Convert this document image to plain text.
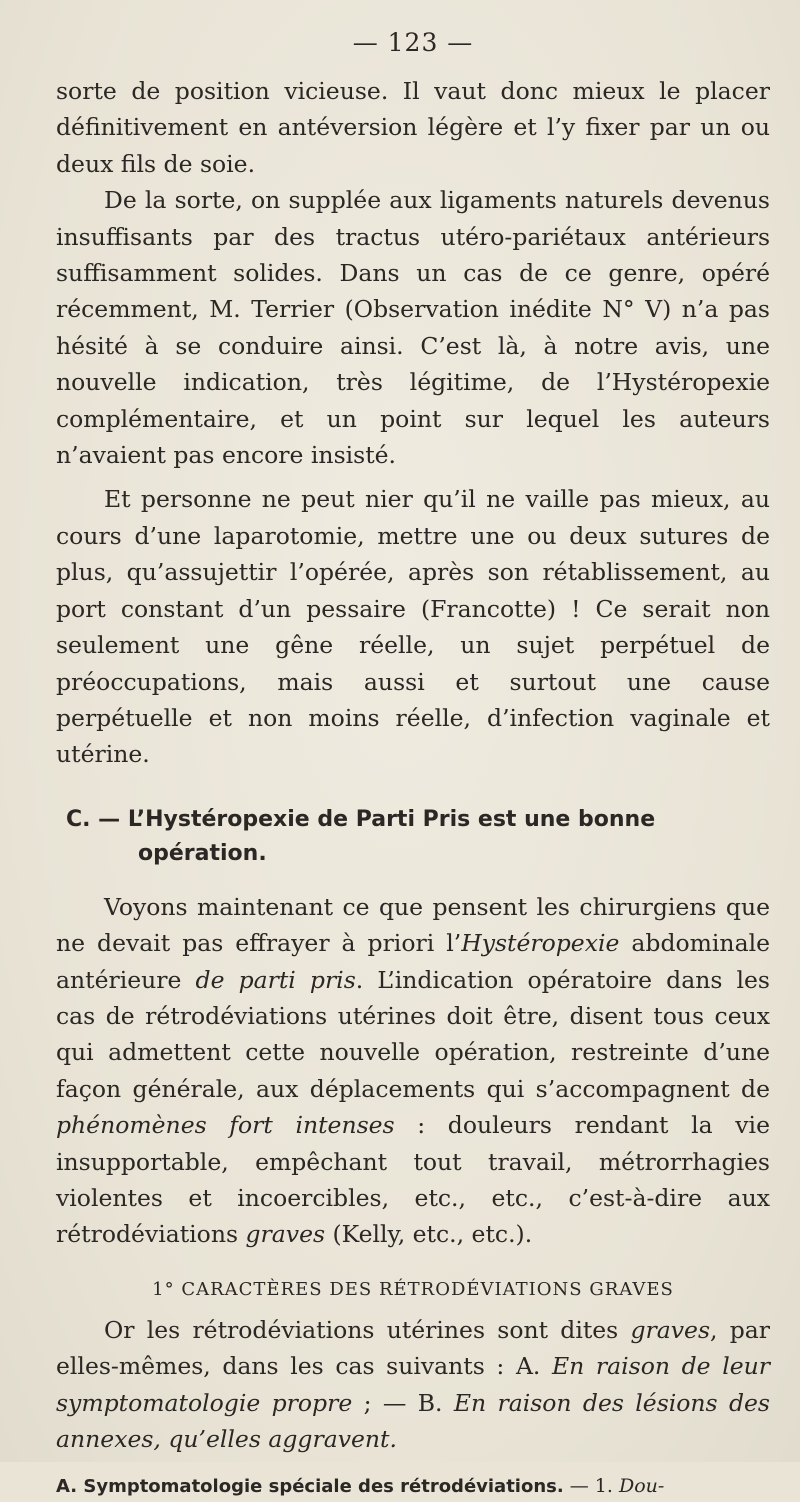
— 123 —

sorte de position vicieuse. Il vaut donc mieux le placer définitivement en antéversion légère et l’y fixer par un ou deux fils de soie.

De la sorte, on supplée aux ligaments naturels devenus insuffisants par des tractus utéro-pariétaux antérieurs suffisamment solides. Dans un cas de ce genre, opéré récemment, M. Terrier (Observation inédite N° V) n’a pas hésité à se conduire ainsi. C’est là, à notre avis, une nouvelle indication, très légitime, de l’Hystéropexie complémentaire, et un point sur lequel les auteurs n’avaient pas encore insisté.

Et personne ne peut nier qu’il ne vaille pas mieux, au cours d’une laparotomie, mettre une ou deux sutures de plus, qu’assujettir l’opérée, après son rétablissement, au port constant d’un pessaire (Francotte) ! Ce serait non seulement une gêne réelle, un sujet perpétuel de préoccupations, mais aussi et surtout une cause perpétuelle et non moins réelle, d’infection vaginale et utérine.

C. — L’Hystéropexie de Parti Pris est une bonne
opération.

Voyons maintenant ce que pensent les chirurgiens que ne devait pas effrayer à priori l’Hystéropexie abdominale antérieure de parti pris. L’indication opératoire dans les cas de rétrodéviations utérines doit être, disent tous ceux qui admettent cette nouvelle opération, restreinte d’une façon générale, aux déplacements qui s’accompagnent de phénomènes fort intenses : douleurs rendant la vie insupportable, empêchant tout travail, métrorrhagies violentes et incoercibles, etc., etc., c’est-à-dire aux rétrodéviations graves (Kelly, etc., etc.).

1° CARACTÈRES DES RÉTRODÉVIATIONS GRAVES

Or les rétrodéviations utérines sont dites graves, par elles-mêmes, dans les cas suivants : A. En raison de leur symptomatologie propre ; — B. En raison des lésions des annexes, qu’elles aggravent.

A. Symptomatologie spéciale des rétrodéviations. — 1. Dou-
